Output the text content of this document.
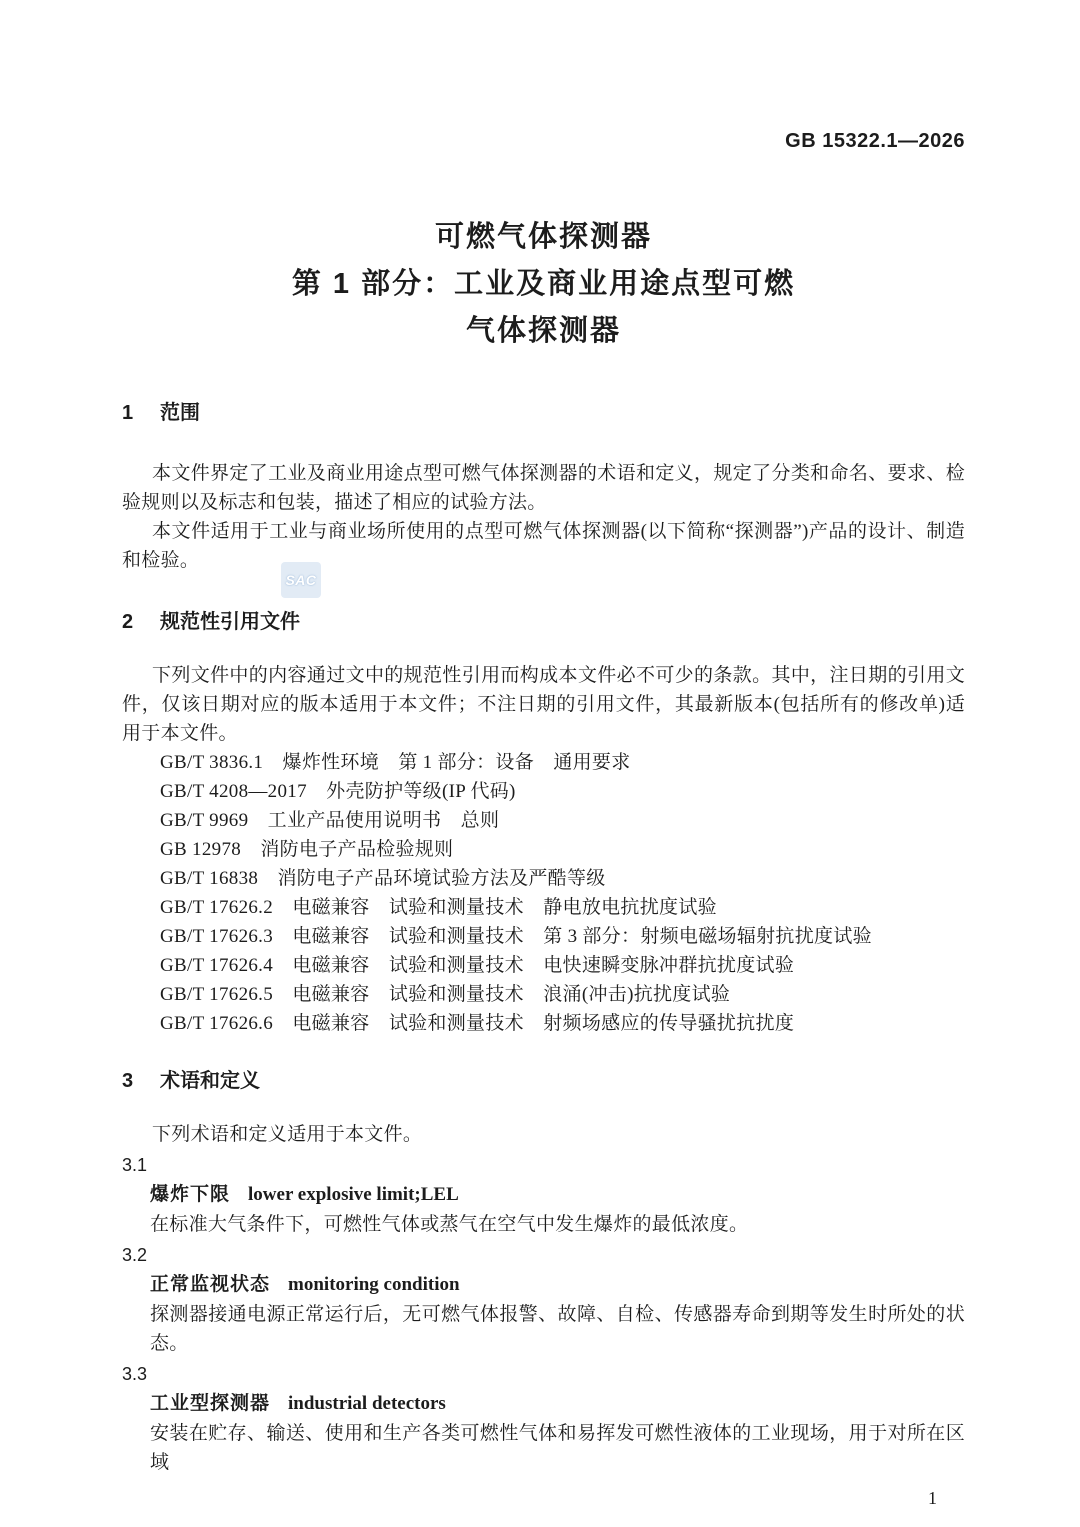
GB 15322.1—2026
可燃气体探测器
第 1 部分：工业及商业用途点型可燃
气体探测器
1	范围

本文件界定了工业及商业用途点型可燃气体探测器的术语和定义，规定了分类和命名、要求、检验规则以及标志和包装，描述了相应的试验方法。

本文件适用于工业与商业场所使用的点型可燃气体探测器(以下简称“探测器”)产品的设计、制造和检验。

2	规范性引用文件

下列文件中的内容通过文中的规范性引用而构成本文件必不可少的条款。其中，注日期的引用文件，仅该日期对应的版本适用于本文件；不注日期的引用文件，其最新版本(包括所有的修改单)适用于本文件。

GB/T 3836.1　爆炸性环境　第 1 部分：设备　通用要求
GB/T 4208—2017　外壳防护等级(IP 代码)
GB/T 9969　工业产品使用说明书　总则
GB 12978　消防电子产品检验规则
GB/T 16838　消防电子产品环境试验方法及严酷等级
GB/T 17626.2　电磁兼容　试验和测量技术　静电放电抗扰度试验
GB/T 17626.3　电磁兼容　试验和测量技术　第 3 部分：射频电磁场辐射抗扰度试验
GB/T 17626.4　电磁兼容　试验和测量技术　电快速瞬变脉冲群抗扰度试验
GB/T 17626.5　电磁兼容　试验和测量技术　浪涌(冲击)抗扰度试验
GB/T 17626.6　电磁兼容　试验和测量技术　射频场感应的传导骚扰抗扰度
3	术语和定义

下列术语和定义适用于本文件。

3.1
爆炸下限 lower explosive limit;LEL
在标准大气条件下，可燃性气体或蒸气在空气中发生爆炸的最低浓度。
3.2
正常监视状态 monitoring condition
探测器接通电源正常运行后，无可燃气体报警、故障、自检、传感器寿命到期等发生时所处的状态。
3.3
工业型探测器 industrial detectors
安装在贮存、输送、使用和生产各类可燃性气体和易挥发可燃性液体的工业现场，用于对所在区域
1
SAC
